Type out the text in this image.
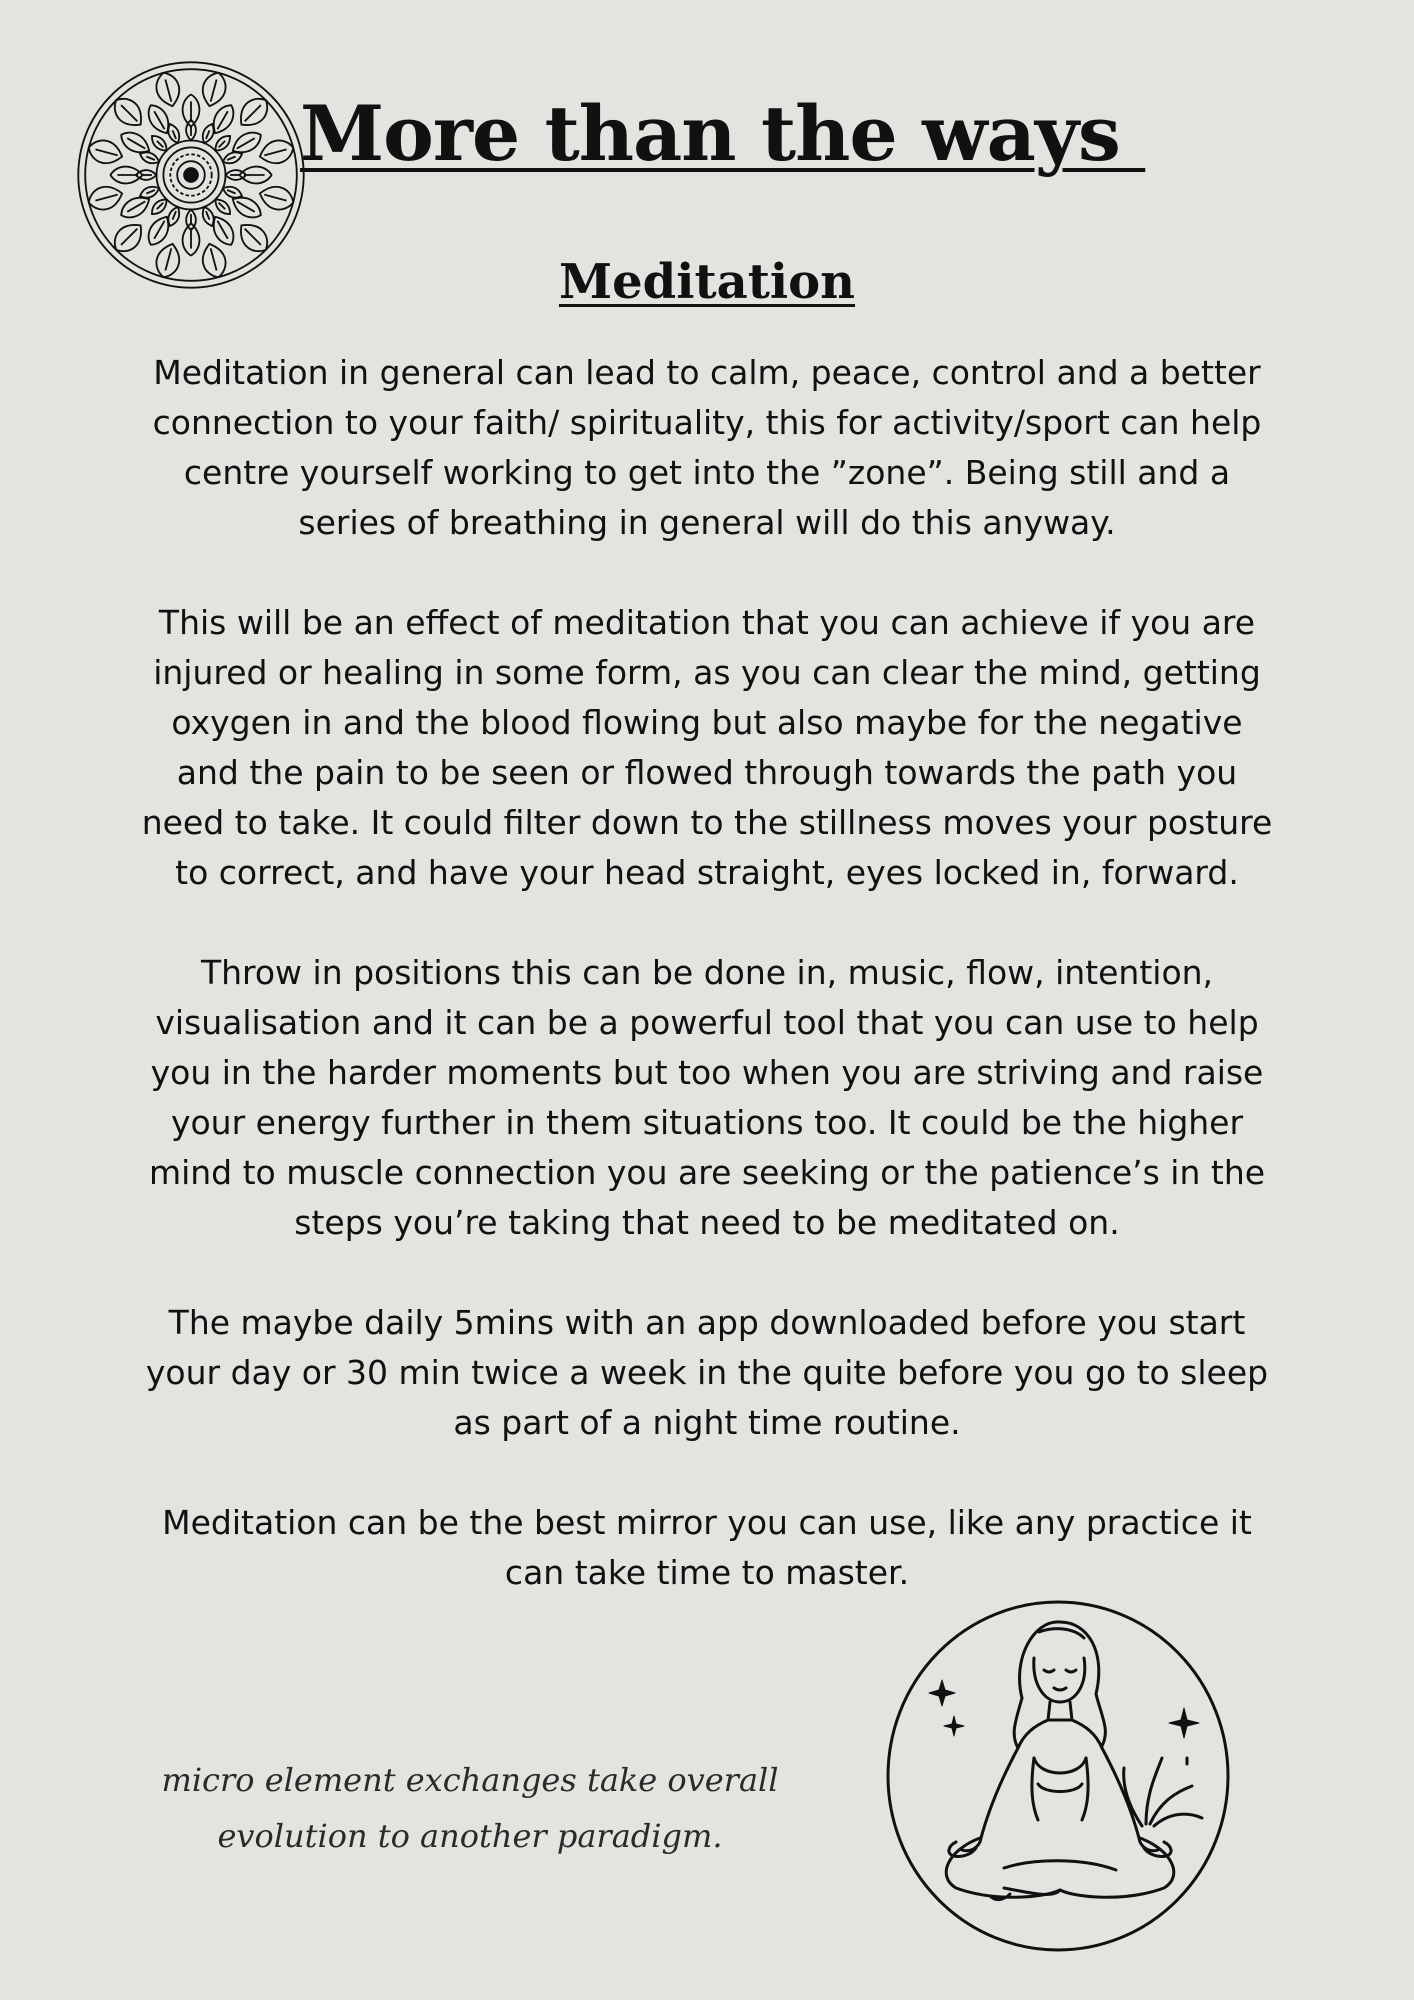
More than the ways
Meditation

Meditation in general can lead to calm, peace, control and a better connection to your faith/ spirituality, this for activity/sport can help centre yourself working to get into the ”zone”. Being still and a series of breathing in general will do this anyway.

This will be an effect of meditation that you can achieve if you are injured or healing in some form, as you can clear the mind, getting oxygen in and the blood flowing but also maybe for the negative and the pain to be seen or flowed through towards the path you need to take. It could filter down to the stillness moves your posture to correct, and have your head straight, eyes locked in, forward.

Throw in positions this can be done in, music, flow, intention, visualisation and it can be a powerful tool that you can use to help you in the harder moments but too when you are striving and raise your energy further in them situations too. It could be the higher mind to muscle connection you are seeking or the patience’s in the steps you’re taking that need to be meditated on.

The maybe daily 5mins with an app downloaded before you start your day or 30 min twice a week in the quite before you go to sleep as part of a night time routine.

Meditation can be the best mirror you can use, like any practice it can take time to master.

micro element exchanges take overall evolution to another paradigm.
